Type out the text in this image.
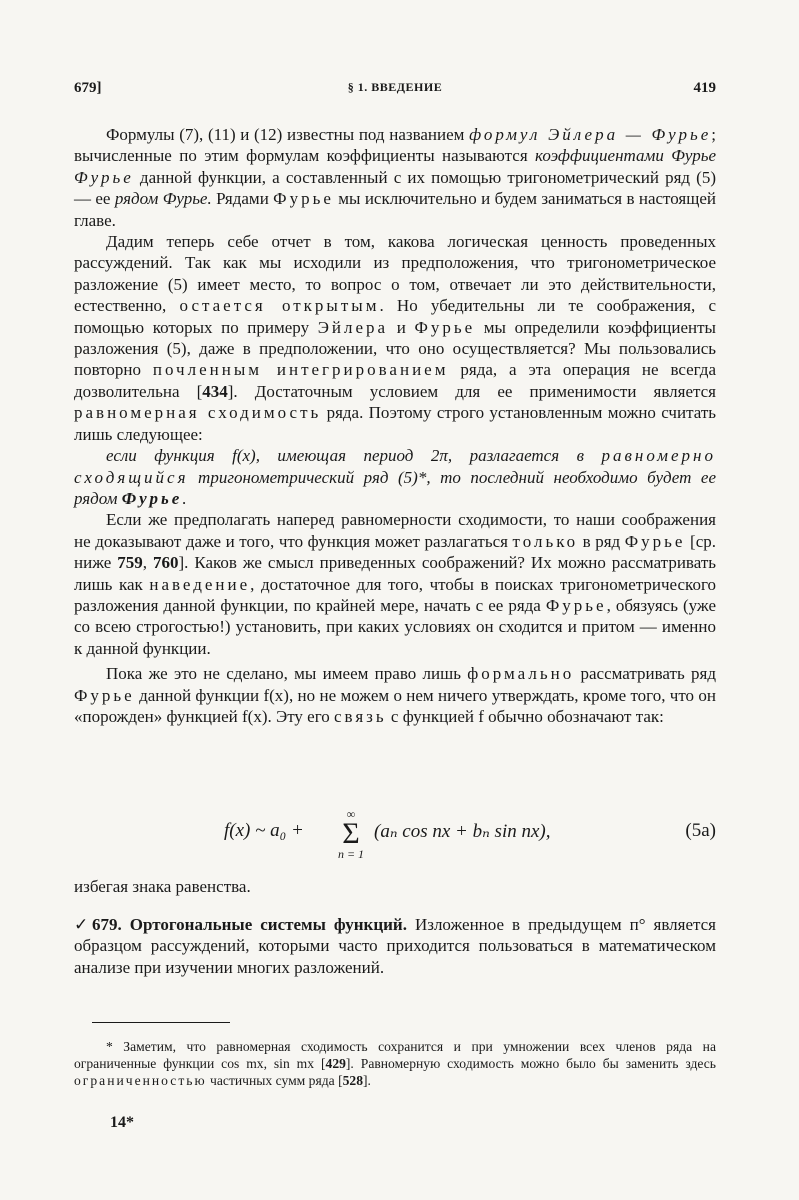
679]	§ 1. ВВЕДЕНИЕ	419

Формулы (7), (11) и (12) известны под названием формул Эйлера — Фурье; вычисленные по этим формулам коэффициенты называются коэффициентами Фурье Фурье данной функции, а составленный с их помощью тригонометрический ряд (5) — ее рядом Фурье. Рядами Фурье мы исключительно и будем заниматься в настоящей главе.

Дадим теперь себе отчет в том, какова логическая ценность проведенных рассуждений. Так как мы исходили из предположения, что тригонометрическое разложение (5) имеет место, то вопрос о том, отвечает ли это действительности, естественно, остается открытым. Но убедительны ли те соображения, с помощью которых по примеру Эйлера и Фурье мы определили коэффициенты разложения (5), даже в предположении, что оно осуществляется? Мы пользовались повторно почленным интегрированием ряда, а эта операция не всегда дозволительна [434]. Достаточным условием для ее применимости является равномерная сходимость ряда. Поэтому строго установленным можно считать лишь следующее:

если функция f(x), имеющая период 2π, разлагается в равномерно сходящийся тригонометрический ряд (5)*, то последний необходимо будет ее рядом Фурье.

Если же предполагать наперед равномерности сходимости, то наши соображения не доказывают даже и того, что функция может разлагаться только в ряд Фурье [ср. ниже 759, 760]. Каков же смысл приведенных соображений? Их можно рассматривать лишь как наведение, достаточное для того, чтобы в поисках тригонометрического разложения данной функции, по крайней мере, начать с ее ряда Фурье, обязуясь (уже со всею строгостью!) установить, при каких условиях он сходится и притом — именно к данной функции.

Пока же это не сделано, мы имеем право лишь формально рассматривать ряд Фурье данной функции f(x), но не можем о нем ничего утверждать, кроме того, что он «порожден» функцией f(x). Эту его связь с функцией f обычно обозначают так:

f(x) ~ a₀ +
∞
Σ
n = 1
(aₙ cos nx + bₙ sin nx),	(5а)
избегая знака равенства.

✓679. Ортогональные системы функций. Изложенное в предыдущем п° является образцом рассуждений, которыми часто приходится пользоваться в математическом анализе при изучении многих разложений.

* Заметим, что равномерная сходимость сохранится и при умножении всех членов ряда на ограниченные функции cos mx, sin mx [429]. Равномерную сходимость можно было бы заменить здесь ограниченностью частичных сумм ряда [528].

14*
